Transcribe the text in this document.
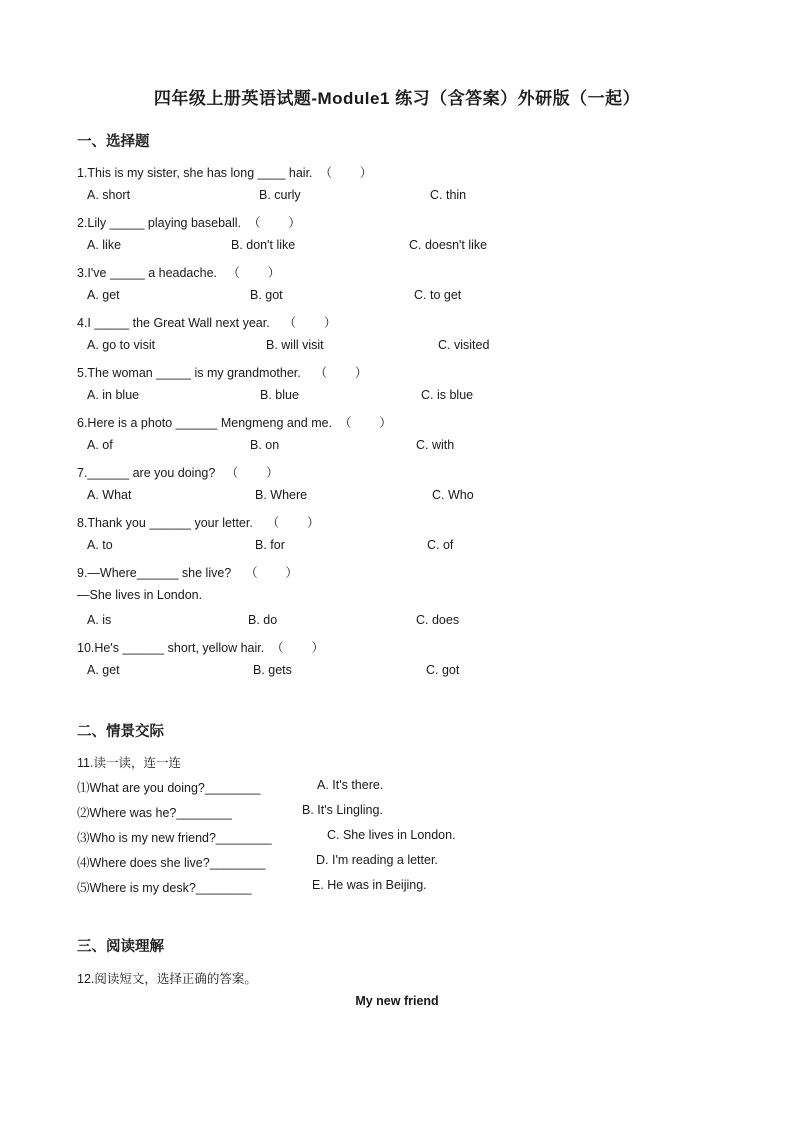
四年级上册英语试题-Module1 练习（含答案）外研版（一起）
一、选择题
1.This is my sister, she has long ____ hair.  （        ）
A. short	B. curly	C. thin
2.Lily _____ playing baseball.  （        ）
A. like	B. don't like	C. doesn't like
3.I've _____ a headache.   （        ）
A. get	B. got	C. to get
4.I _____ the Great Wall next year.    （        ）
A. go to visit	B. will visit	C. visited
5.The woman _____ is my grandmother.    （        ）
A. in blue	B. blue	C. is blue
6.Here is a photo ______ Mengmeng and me.  （        ）
A. of	B. on	C. with
7.______ are you doing?   （        ）
A. What	B. Where	C. Who
8.Thank you ______ your letter.    （        ）
A. to	B. for	C. of
9.—Where______ she live?    （        ）
—She lives in London.
A. is	B. do	C. does
10.He's ______ short, yellow hair.  （        ）
A. get	B. gets	C. got
二、情景交际
11.读一读，连一连
⑴What are you doing?________	A. It's there.
⑵Where was he?________	B. It's Lingling.
⑶Who is my new friend?________	C. She lives in London.
⑷Where does she live?________	D. I'm reading a letter.
⑸Where is my desk?________	E. He was in Beijing.
三、阅读理解
12.阅读短文，选择正确的答案。
My new friend
